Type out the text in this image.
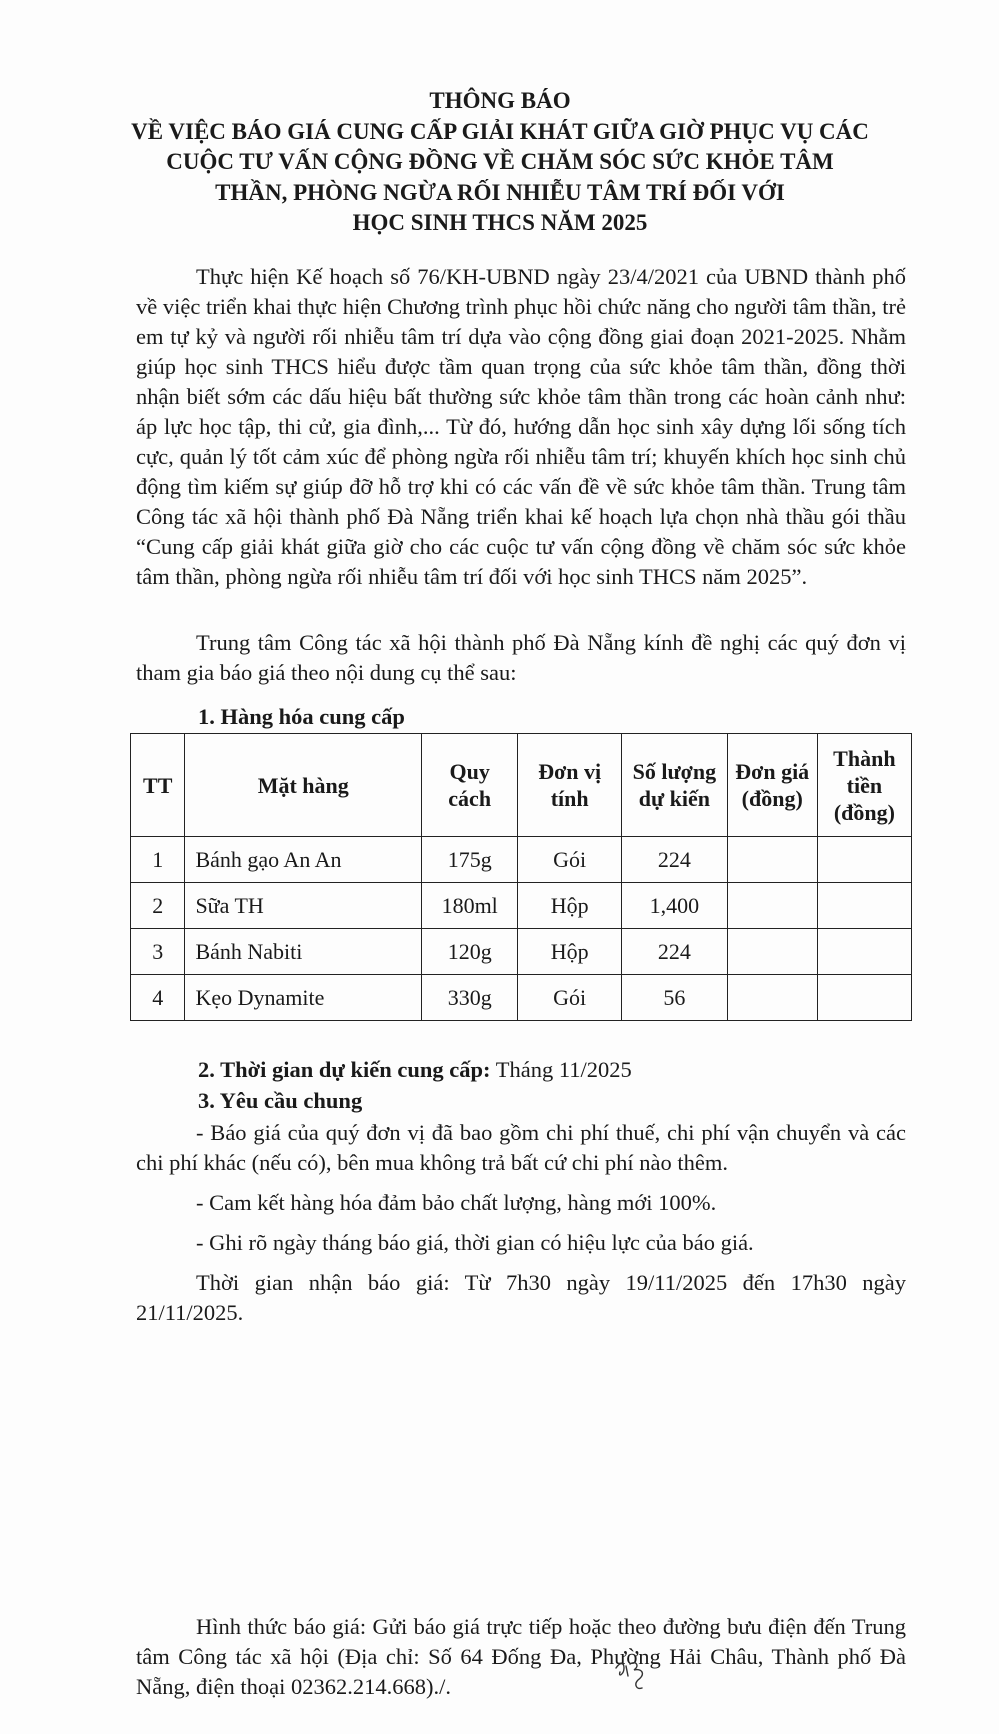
THÔNG BÁO
VỀ VIỆC BÁO GIÁ CUNG CẤP GIẢI KHÁT GIỮA GIỜ PHỤC VỤ CÁC
CUỘC TƯ VẤN CỘNG ĐỒNG VỀ CHĂM SÓC SỨC KHỎE TÂM
THẦN, PHÒNG NGỪA RỐI NHIỄU TÂM TRÍ ĐỐI VỚI
HỌC SINH THCS NĂM 2025
Thực hiện Kế hoạch số 76/KH-UBND ngày 23/4/2021 của UBND thành phố về việc triển khai thực hiện Chương trình phục hồi chức năng cho người tâm thần, trẻ em tự kỷ và người rối nhiễu tâm trí dựa vào cộng đồng giai đoạn 2021-2025. Nhằm giúp học sinh THCS hiểu được tầm quan trọng của sức khỏe tâm thần, đồng thời nhận biết sớm các dấu hiệu bất thường sức khỏe tâm thần trong các hoàn cảnh như: áp lực học tập, thi cử, gia đình,... Từ đó, hướng dẫn học sinh xây dựng lối sống tích cực, quản lý tốt cảm xúc để phòng ngừa rối nhiễu tâm trí; khuyến khích học sinh chủ động tìm kiếm sự giúp đỡ hỗ trợ khi có các vấn đề về sức khỏe tâm thần. Trung tâm Công tác xã hội thành phố Đà Nẵng triển khai kế hoạch lựa chọn nhà thầu gói thầu “Cung cấp giải khát giữa giờ cho các cuộc tư vấn cộng đồng về chăm sóc sức khỏe tâm thần, phòng ngừa rối nhiễu tâm trí đối với học sinh THCS năm 2025”.
Trung tâm Công tác xã hội thành phố Đà Nẵng kính đề nghị các quý đơn vị tham gia báo giá theo nội dung cụ thể sau:
1. Hàng hóa cung cấp
TT	Mặt hàng	Quy cách	Đơn vị tính	Số lượng dự kiến	Đơn giá (đồng)	Thành tiền (đồng)
1	Bánh gạo An An	175g	Gói	224		
2	Sữa TH	180ml	Hộp	1,400		
3	Bánh Nabiti	120g	Hộp	224		
4	Kẹo Dynamite	330g	Gói	56		
2. Thời gian dự kiến cung cấp: Tháng 11/2025
3. Yêu cầu chung
- Báo giá của quý đơn vị đã bao gồm chi phí thuế, chi phí vận chuyển và các chi phí khác (nếu có), bên mua không trả bất cứ chi phí nào thêm.
- Cam kết hàng hóa đảm bảo chất lượng, hàng mới 100%.
- Ghi rõ ngày tháng báo giá, thời gian có hiệu lực của báo giá.
Thời gian nhận báo giá: Từ 7h30 ngày 19/11/2025 đến 17h30 ngày 21/11/2025.
Hình thức báo giá: Gửi báo giá trực tiếp hoặc theo đường bưu điện đến Trung tâm Công tác xã hội (Địa chỉ: Số 64 Đống Đa, Phường Hải Châu, Thành phố Đà Nẵng, điện thoại 02362.214.668)./.
